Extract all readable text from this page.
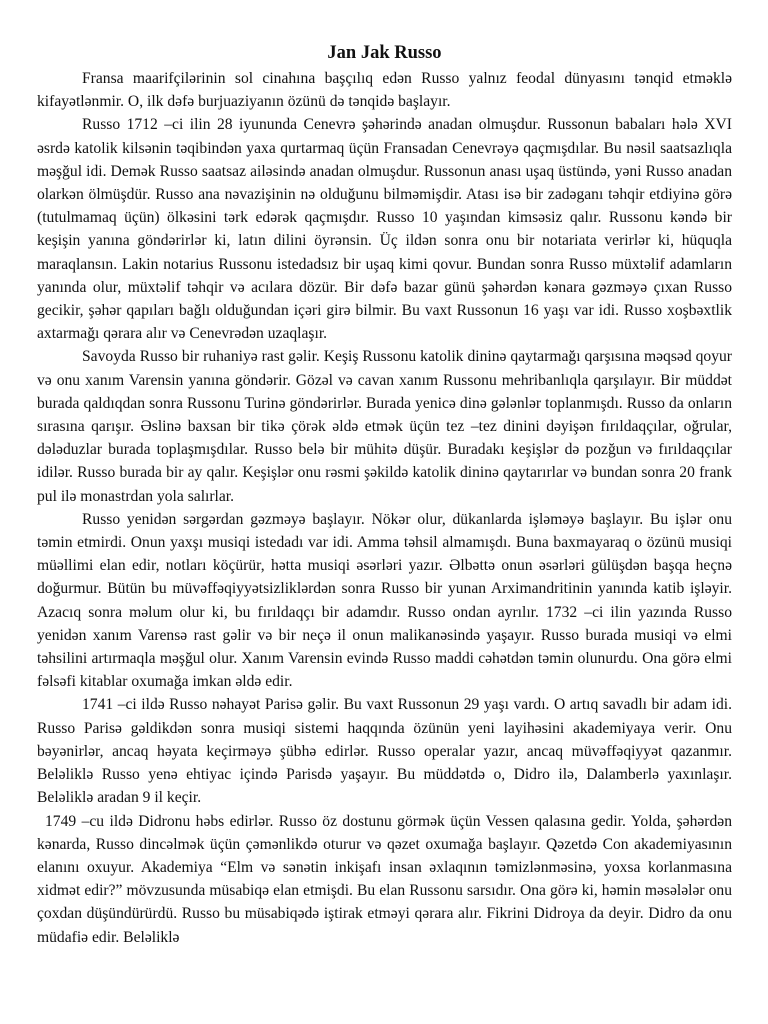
Jan Jak Russo

Fransa maarifçilərinin sol cinahına başçılıq edən Russo yalnız feodal dünyasını tənqid etməklə kifayətlənmir. O, ilk dəfə burjuaziyanın özünü də tənqidə başlayır.

Russo 1712 –ci ilin 28 iyununda Cenevrə şəhərində anadan olmuşdur. Russonun babaları hələ XVI əsrdə katolik kilsənin təqibindən yaxa qurtarmaq üçün Fransadan Cenevrəyə qaçmışdılar. Bu nəsil saatsazlıqla məşğul idi. Demək Russo saatsaz ailəsində anadan olmuşdur. Russonun anası uşaq üstündə, yəni Russo anadan olarkən ölmüşdür. Russo ana nəvazişinin nə olduğunu bilməmişdir. Atası isə bir zadəganı təhqir etdiyinə görə (tutulmamaq üçün) ölkəsini tərk edərək qaçmışdır. Russo 10 yaşından kimsəsiz qalır. Russonu kəndə bir keşişin yanına göndərirlər ki, latın dilini öyrənsin. Üç ildən sonra onu bir notariata verirlər ki, hüquqla maraqlansın. Lakin notarius Russonu istedadsız bir uşaq kimi qovur. Bundan sonra Russo müxtəlif adamların yanında olur, müxtəlif təhqir və acılara dözür. Bir dəfə bazar günü şəhərdən kənara gəzməyə çıxan Russo gecikir, şəhər qapıları bağlı olduğundan içəri girə bilmir. Bu vaxt Russonun 16 yaşı var idi. Russo xoşbəxtlik axtarmağı qərara alır və Cenevrədən uzaqlaşır.

Savoyda Russo bir ruhaniyə rast gəlir. Keşiş Russonu katolik dininə qaytarmağı qarşısına məqsəd qoyur və onu xanım Varensin yanına göndərir. Gözəl və cavan xanım Russonu mehribanlıqla qarşılayır. Bir müddət burada qaldıqdan sonra Russonu Turinə göndərirlər. Burada yenicə dinə gələnlər toplanmışdı. Russo da onların sırasına qarışır. Əslinə baxsan bir tikə çörək əldə etmək üçün tez –tez dinini dəyişən fırıldaqçılar, oğrular, dələduzlar burada toplaşmışdılar. Russo belə bir mühitə düşür. Buradakı keşişlər də pozğun və fırıldaqçılar idilər. Russo burada bir ay qalır. Keşişlər onu rəsmi şəkildə katolik dininə qaytarırlar və bundan sonra 20 frank pul ilə monastrdan yola salırlar.

Russo yenidən sərgərdan gəzməyə başlayır. Nökər olur, dükanlarda işləməyə başlayır. Bu işlər onu təmin etmirdi. Onun yaxşı musiqi istedadı var idi. Amma təhsil almamışdı. Buna baxmayaraq o özünü musiqi müəllimi elan edir, notları köçürür, hətta musiqi əsərləri yazır. Əlbəttə onun əsərləri gülüşdən başqa heçnə doğurmur. Bütün bu müvəffəqiyyətsizliklərdən sonra Russo bir yunan Arximandritinin yanında katib işləyir. Azacıq sonra məlum olur ki, bu fırıldaqçı bir adamdır. Russo ondan ayrılır. 1732 –ci ilin yazında Russo yenidən xanım Varensə rast gəlir və bir neçə il onun malikanəsində yaşayır. Russo burada musiqi və elmi təhsilini artırmaqla məşğul olur. Xanım Varensin evində Russo maddi cəhətdən təmin olunurdu. Ona görə elmi fəlsəfi kitablar oxumağa imkan əldə edir.

1741 –ci ildə Russo nəhayət Parisə gəlir. Bu vaxt Russonun 29 yaşı vardı. O artıq savadlı bir adam idi. Russo Parisə gəldikdən sonra musiqi sistemi haqqında özünün yeni layihəsini akademiyaya verir. Onu bəyənirlər, ancaq həyata keçirməyə şübhə edirlər. Russo operalar yazır, ancaq müvəffəqiyyət qazanmır. Beləliklə Russo yenə ehtiyac içində Parisdə yaşayır. Bu müddətdə o, Didro ilə, Dalamberlə yaxınlaşır. Beləliklə aradan 9 il keçir.

1749 –cu ildə Didronu həbs edirlər. Russo öz dostunu görmək üçün Vessen qalasına gedir. Yolda, şəhərdən kənarda, Russo dincəlmək üçün çəmənlikdə oturur və qəzet oxumağa başlayır. Qəzetdə Con akademiyasının elanını oxuyur. Akademiya “Elm və sənətin inkişafı insan əxlaqının təmizlənməsinə, yoxsa korlanmasına xidmət edir?” mövzusunda müsabiqə elan etmişdi. Bu elan Russonu sarsıdır. Ona görə ki, həmin məsələlər onu çoxdan düşündürürdü. Russo bu müsabiqədə iştirak etməyi qərara alır. Fikrini Didroya da deyir. Didro da onu müdafiə edir. Beləliklə
